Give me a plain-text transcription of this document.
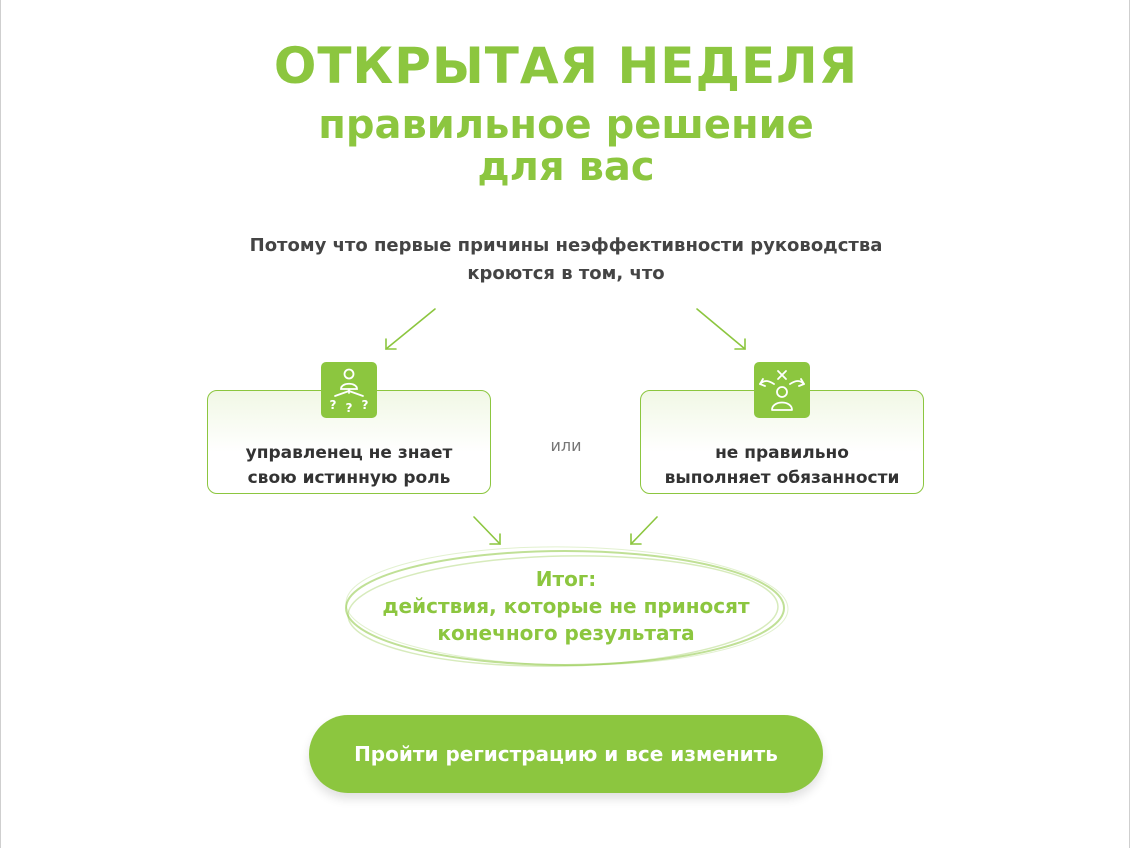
ОТКРЫТАЯ НЕДЕЛЯ
правильное решение
для вас
Потому что первые причины неэффективности руководства
кроются в том, что
управленец не знает
свою истинную роль
? ? ?
или	не правильно
выполняет обязанности
Итог:
действия, которые не приносят
конечного результата
Пройти регистрацию и все изменить
